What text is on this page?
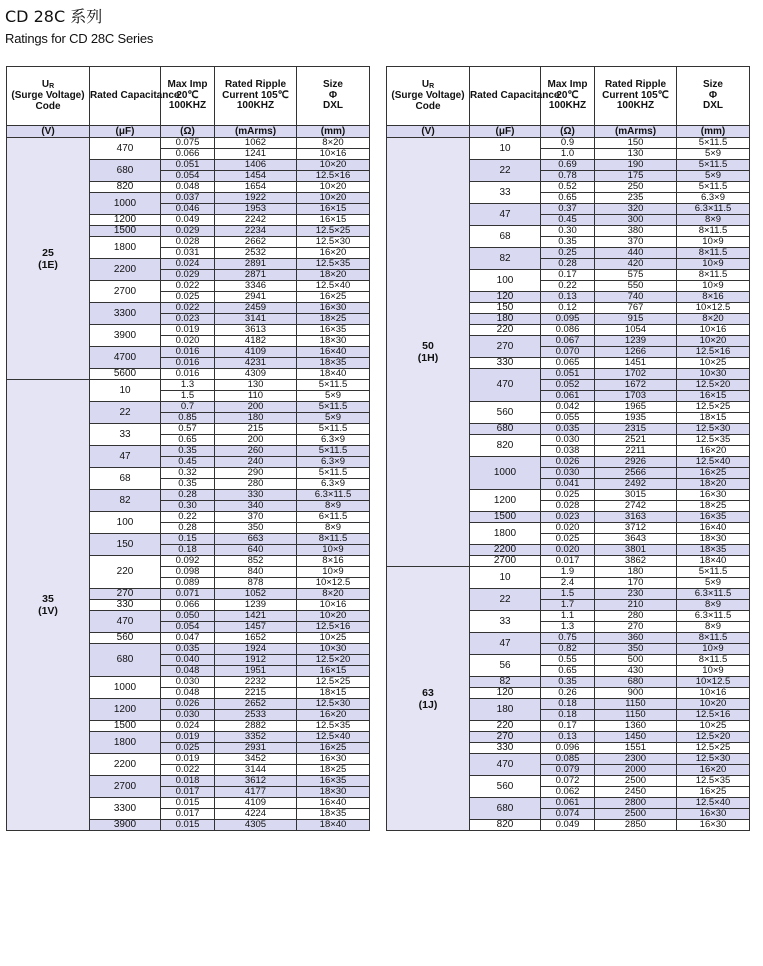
CD 28C 系列
Ratings for CD 28C Series
$U_R$
(Surge Voltage)
Code	Rated Capacitance	Max Imp
20℃
100KHZ	Rated Ripple
Current 105℃
100KHZ	Size
Φ
DXL
(V)	(μF)	(Ω)	(mArms)	(mm)
25
(1E)	470	0.075	1062	8×20
		0.066	1241	10×16
	680	0.051	1406	10×20
		0.054	1454	12.5×16
	820	0.048	1654	10×20
	1000	0.037	1922	10×20
		0.046	1953	16×15
	1200	0.049	2242	16×15
	1500	0.029	2234	12.5×25
	1800	0.028	2662	12.5×30
		0.031	2532	16×20
	2200	0.024	2891	12.5×35
		0.029	2871	18×20
	2700	0.022	3346	12.5×40
		0.025	2941	16×25
	3300	0.022	2459	16×30
		0.023	3141	18×25
	3900	0.019	3613	16×35
		0.020	4182	18×30
	4700	0.016	4109	16×40
		0.016	4231	18×35
	5600	0.016	4309	18×40
35
(1V)	10	1.3	130	5×11.5
		1.5	110	5×9
	22	0.7	200	5×11.5
		0.85	180	5×9
	33	0.57	215	5×11.5
		0.65	200	6.3×9
	47	0.35	260	5×11.5
		0.45	240	6.3×9
	68	0.32	290	5×11.5
		0.35	280	6.3×9
	82	0.28	330	6.3×11.5
		0.30	340	8×9
	100	0.22	370	6×11.5
		0.28	350	8×9
	150	0.15	663	8×11.5
		0.18	640	10×9
	220	0.092	852	8×16
		0.098	840	10×9
		0.089	878	10×12.5
	270	0.071	1052	8×20
	330	0.066	1239	10×16
	470	0.050	1421	10×20
		0.054	1457	12.5×16
	560	0.047	1652	10×25
	680	0.035	1924	10×30
		0.040	1912	12.5×20
		0.048	1951	16×15
	1000	0.030	2232	12.5×25
		0.048	2215	18×15
	1200	0.026	2652	12.5×30
		0.030	2533	16×20
	1500	0.024	2882	12.5×35
	1800	0.019	3352	12.5×40
		0.025	2931	16×25
	2200	0.019	3452	16×30
		0.022	3144	18×25
	2700	0.018	3612	16×35
		0.017	4177	18×30
	3300	0.015	4109	16×40
		0.017	4224	18×35
	3900	0.015	4305	18×40
$U_R$
(Surge Voltage)
Code	Rated Capacitance	Max Imp
20℃
100KHZ	Rated Ripple
Current 105℃
100KHZ	Size
Φ
DXL
(V)	(μF)	(Ω)	(mArms)	(mm)
50
(1H)	10	0.9	150	5×11.5
		1.0	130	5×9
	22	0.69	190	5×11.5
		0.78	175	5×9
	33	0.52	250	5×11.5
		0.65	235	6.3×9
	47	0.37	320	6.3×11.5
		0.45	300	8×9
	68	0.30	380	8×11.5
		0.35	370	10×9
	82	0.25	440	8×11.5
		0.28	420	10×9
	100	0.17	575	8×11.5
		0.22	550	10×9
	120	0.13	740	8×16
	150	0.12	767	10×12.5
	180	0.095	915	8×20
	220	0.086	1054	10×16
	270	0.067	1239	10×20
		0.070	1266	12.5×16
	330	0.065	1451	10×25
	470	0.051	1702	10×30
		0.052	1672	12.5×20
		0.061	1703	16×15
	560	0.042	1965	12.5×25
		0.055	1935	18×15
	680	0.035	2315	12.5×30
	820	0.030	2521	12.5×35
		0.038	2211	16×20
	1000	0.026	2926	12.5×40
		0.030	2566	16×25
		0.041	2492	18×20
	1200	0.025	3015	16×30
		0.028	2742	18×25
	1500	0.023	3163	16×35
	1800	0.020	3712	16×40
		0.025	3643	18×30
	2200	0.020	3801	18×35
	2700	0.017	3862	18×40
63
(1J)	10	1.9	180	5×11.5
		2.4	170	5×9
	22	1.5	230	6.3×11.5
		1.7	210	8×9
	33	1.1	280	6.3×11.5
		1.3	270	8×9
	47	0.75	360	8×11.5
		0.82	350	10×9
	56	0.55	500	8×11.5
		0.65	430	10×9
	82	0.35	680	10×12.5
	120	0.26	900	10×16
	180	0.18	1150	10×20
		0.18	1150	12.5×16
	220	0.17	1360	10×25
	270	0.13	1450	12.5×20
	330	0.096	1551	12.5×25
	470	0.085	2300	12.5×30
		0.079	2000	16×20
	560	0.072	2500	12.5×35
		0.062	2450	16×25
	680	0.061	2800	12.5×40
		0.074	2500	16×30
	820	0.049	2850	16×30
